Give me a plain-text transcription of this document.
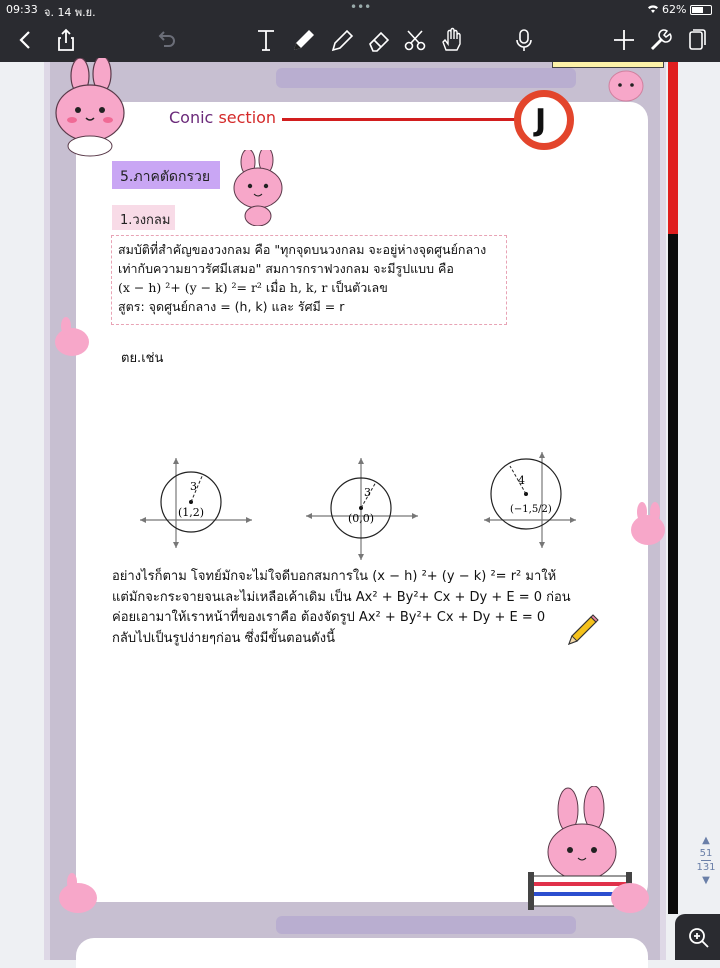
09:33 จ. 14 พ.ย.	•••	62%
Conic section	J
5.ภาคตัดกรวย
1.วงกลม
สมบัติที่สำคัญของวงกลม คือ "ทุกจุดบนวงกลม จะอยู่ห่างจุดศูนย์กลาง
เท่ากับความยาวรัศมีเสมอ" สมการกราฟวงกลม จะมีรูปแบบ คือ
(x − h) ²+ (y − k) ²= r² เมื่อ h, k, r เป็นตัวเลข
สูตร: จุดศูนย์กลาง = (h, k) และ รัศมี = r
ตย.เช่น
3
(1,2)
3
(0,0)
4
(−1,5/2)
อย่างไรก็ตาม โจทย์มักจะไม่ใจดีบอกสมการใน (x − h) ²+ (y − k) ²= r² มาให้
แต่มักจะกระจายจนเละไม่เหลือเค้าเดิม เป็น Ax² + By²+ Cx + Dy + E = 0 ก่อน
ค่อยเอามาให้เราหน้าที่ของเราคือ ต้องจัดรูป Ax² + By²+ Cx + Dy + E = 0
กลับไปเป็นรูปง่ายๆก่อน ซึ่งมีขั้นตอนดังนี้
▲
51
131
▼
